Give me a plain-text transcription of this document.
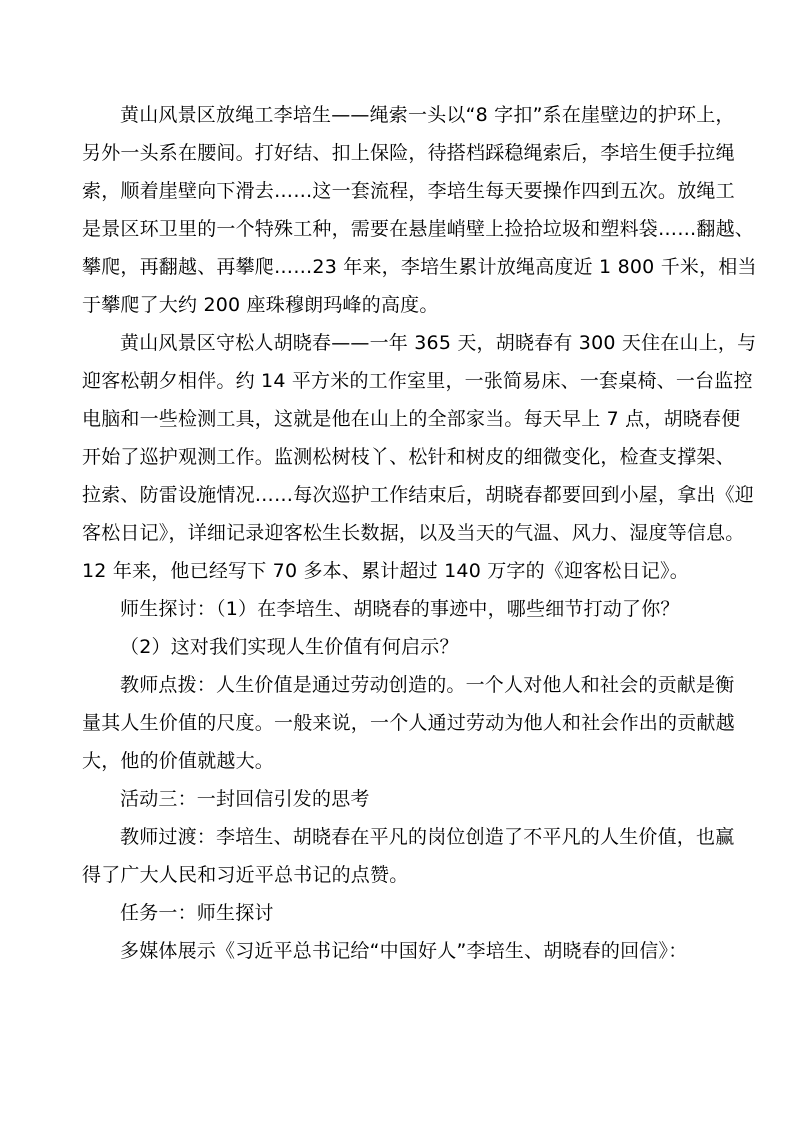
黄山风景区放绳工李培生——绳索一头以“8 字扣”系在崖壁边的护环上，
另外一头系在腰间。打好结、扣上保险，待搭档踩稳绳索后，李培生便手拉绳
索，顺着崖壁向下滑去……这一套流程，李培生每天要操作四到五次。放绳工
是景区环卫里的一个特殊工种，需要在悬崖峭壁上捡拾垃圾和塑料袋……翻越、
攀爬，再翻越、再攀爬……23 年来，李培生累计放绳高度近 1 800 千米，相当
于攀爬了大约 200 座珠穆朗玛峰的高度。
黄山风景区守松人胡晓春——一年 365 天，胡晓春有 300 天住在山上，与
迎客松朝夕相伴。约 14 平方米的工作室里，一张简易床、一套桌椅、一台监控
电脑和一些检测工具，这就是他在山上的全部家当。每天早上 7 点，胡晓春便
开始了巡护观测工作。监测松树枝丫、松针和树皮的细微变化，检查支撑架、
拉索、防雷设施情况……每次巡护工作结束后，胡晓春都要回到小屋，拿出《迎
客松日记》，详细记录迎客松生长数据，以及当天的气温、风力、湿度等信息。
12 年来，他已经写下 70 多本、累计超过 140 万字的《迎客松日记》。
师生探讨：（1）在李培生、胡晓春的事迹中，哪些细节打动了你？
（2）这对我们实现人生价值有何启示？
教师点拨：人生价值是通过劳动创造的。一个人对他人和社会的贡献是衡
量其人生价值的尺度。一般来说，一个人通过劳动为他人和社会作出的贡献越
大，他的价值就越大。
活动三：一封回信引发的思考
教师过渡：李培生、胡晓春在平凡的岗位创造了不平凡的人生价值，也赢
得了广大人民和习近平总书记的点赞。
任务一：师生探讨
多媒体展示《习近平总书记给“中国好人”李培生、胡晓春的回信》：
